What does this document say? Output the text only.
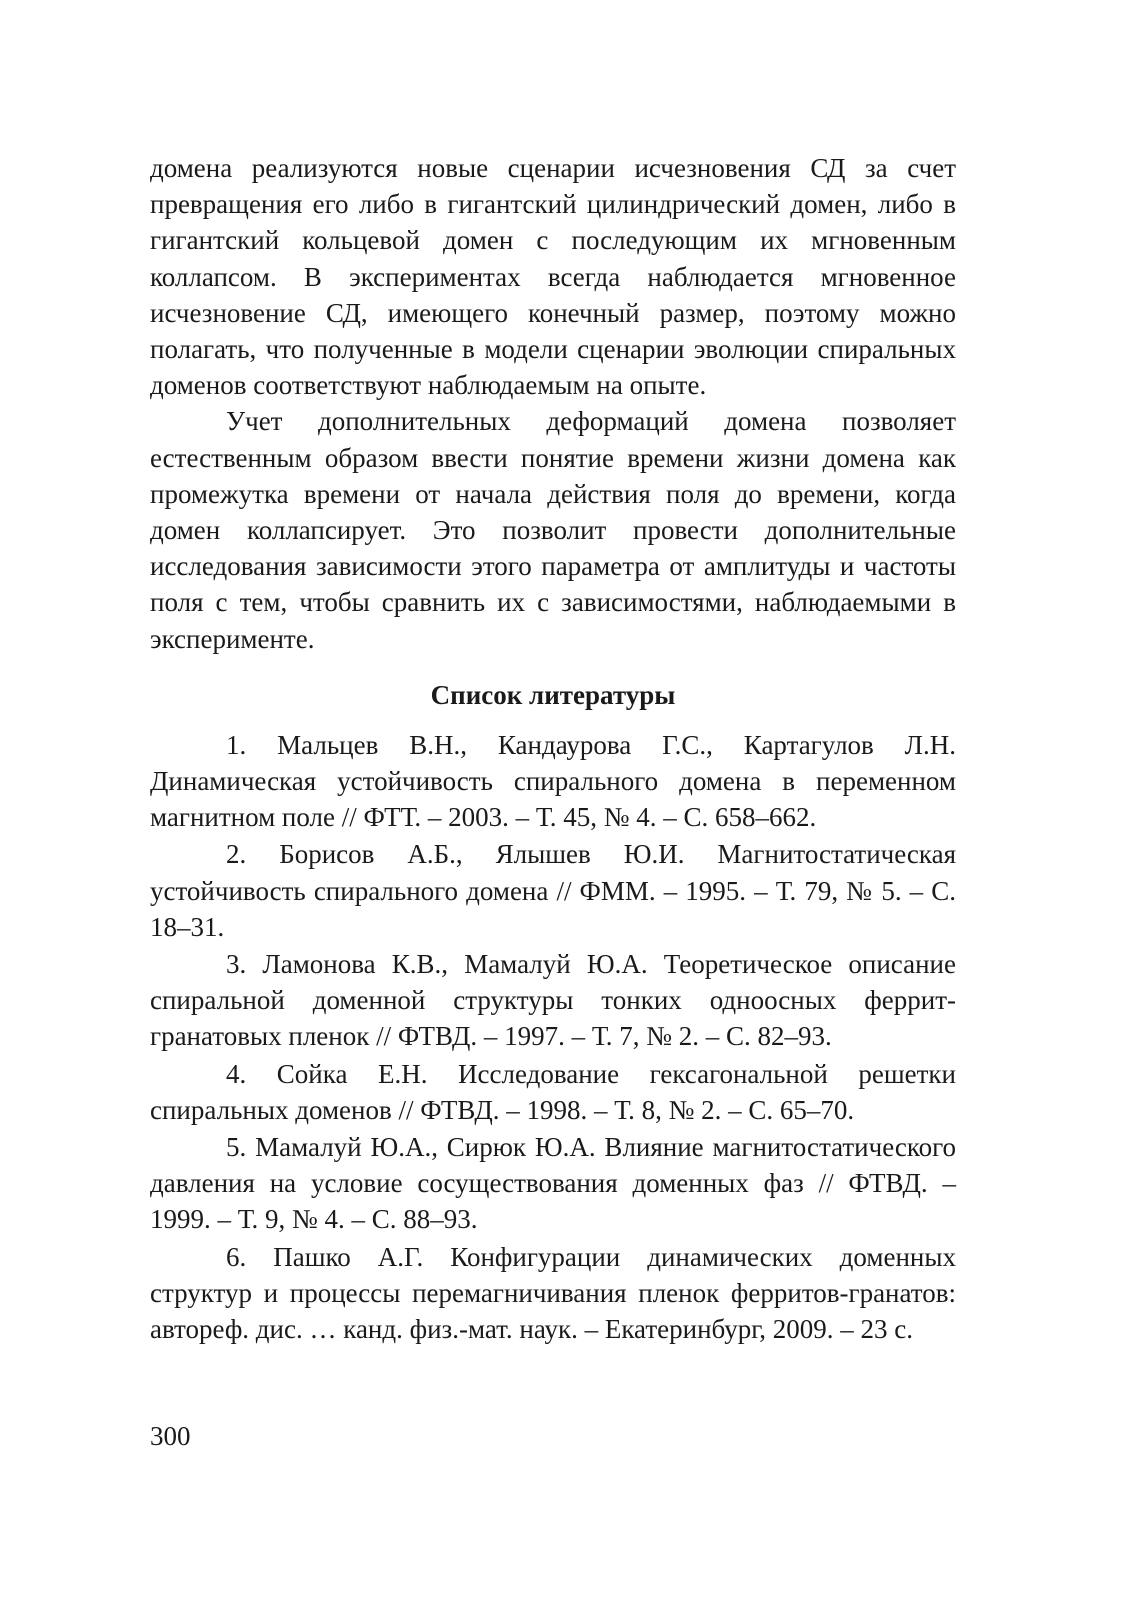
домена реализуются новые сценарии исчезновения СД за счет превращения его либо в гигантский цилиндрический домен, либо в гигантский кольцевой домен с последующим их мгновенным коллапсом. В экспериментах всегда наблюдается мгновенное исчезновение СД, имеющего конечный размер, поэтому можно полагать, что полученные в модели сценарии эволюции спиральных доменов соответствуют наблюдаемым на опыте.

Учет дополнительных деформаций домена позволяет естественным образом ввести понятие времени жизни домена как промежутка времени от начала действия поля до времени, когда домен коллапсирует. Это позволит провести дополнительные исследования зависимости этого параметра от амплитуды и частоты поля с тем, чтобы сравнить их с зависимостями, наблюдаемыми в эксперименте.

Список литературы

1. Мальцев В.Н., Кандаурова Г.С., Картагулов Л.Н. Динамическая устойчивость спирального домена в переменном магнитном поле // ФТТ. – 2003. – Т. 45, № 4. – С. 658–662.

2. Борисов А.Б., Ялышев Ю.И. Магнитостатическая устойчивость спирального домена // ФММ. – 1995. – Т. 79, № 5. – С. 18–31.

3. Ламонова К.В., Мамалуй Ю.А. Теоретическое описание спиральной доменной структуры тонких одноосных феррит-гранатовых пленок // ФТВД. – 1997. – Т. 7, № 2. – С. 82–93.

4. Сойка Е.Н. Исследование гексагональной решетки спиральных доменов // ФТВД. – 1998. – Т. 8, № 2. – С. 65–70.

5. Мамалуй Ю.А., Сирюк Ю.А. Влияние магнитостатического давления на условие сосуществования доменных фаз // ФТВД. – 1999. – Т. 9, № 4. – С. 88–93.

6. Пашко А.Г. Конфигурации динамических доменных структур и процессы перемагничивания пленок ферритов-гранатов: автореф. дис. … канд. физ.-мат. наук. – Екатеринбург, 2009. – 23 с.

300
